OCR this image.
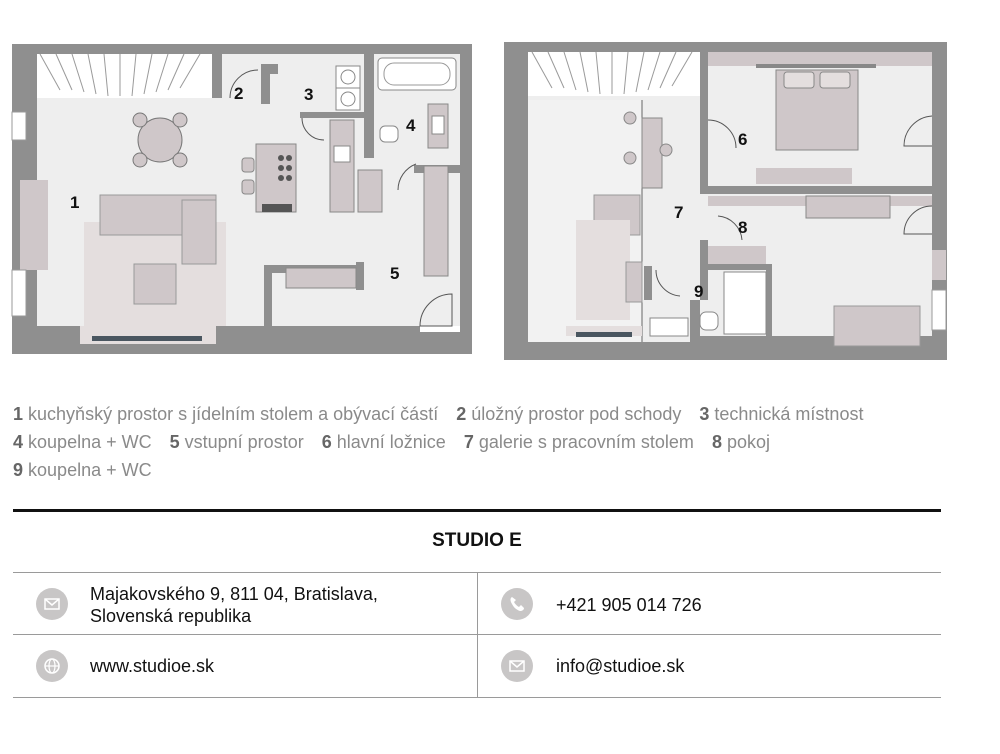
1
2	3
4
5
6
7
8
9
1 kuchyňský prostor s jídelním stolem a obývací částí 2 úložný prostor pod schody 3 technická místnost
4 koupelna + WC 5 vstupní prostor 6 hlavní ložnice 7 galerie s pracovním stolem 8 pokoj
9 koupelna + WC
STUDIO E
Majakovského 9, 811 04, Bratislava,
Slovenská republika
+421 905 014 726
www.studioe.sk	info@studioe.sk
